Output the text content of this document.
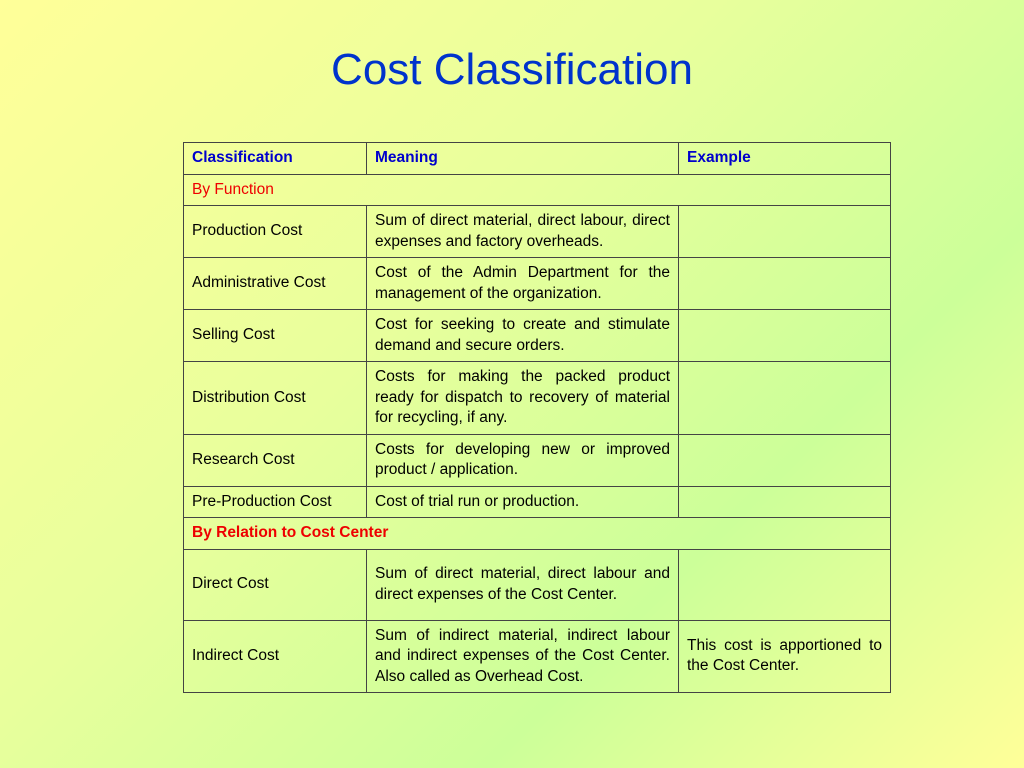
Cost Classification
Classification	Meaning	Example
By Function		
Production Cost	Sum of direct material, direct labour, direct expenses and factory overheads.	
Administrative Cost	Cost of the Admin Department for the management of the organization.	
Selling Cost	Cost for seeking to create and stimulate demand and secure orders.	
Distribution Cost	Costs for making the packed product ready for dispatch to recovery of material for recycling, if any.	
Research Cost	Costs for developing new or improved product / application.	
Pre-Production Cost	Cost of trial run or production.	
By Relation to Cost Center		
Direct Cost	Sum of direct material, direct labour and direct expenses of the Cost Center.	
Indirect Cost	Sum of indirect material, indirect labour and indirect expenses of the Cost Center. Also called as Overhead Cost.	This cost is apportioned to the Cost Center.
